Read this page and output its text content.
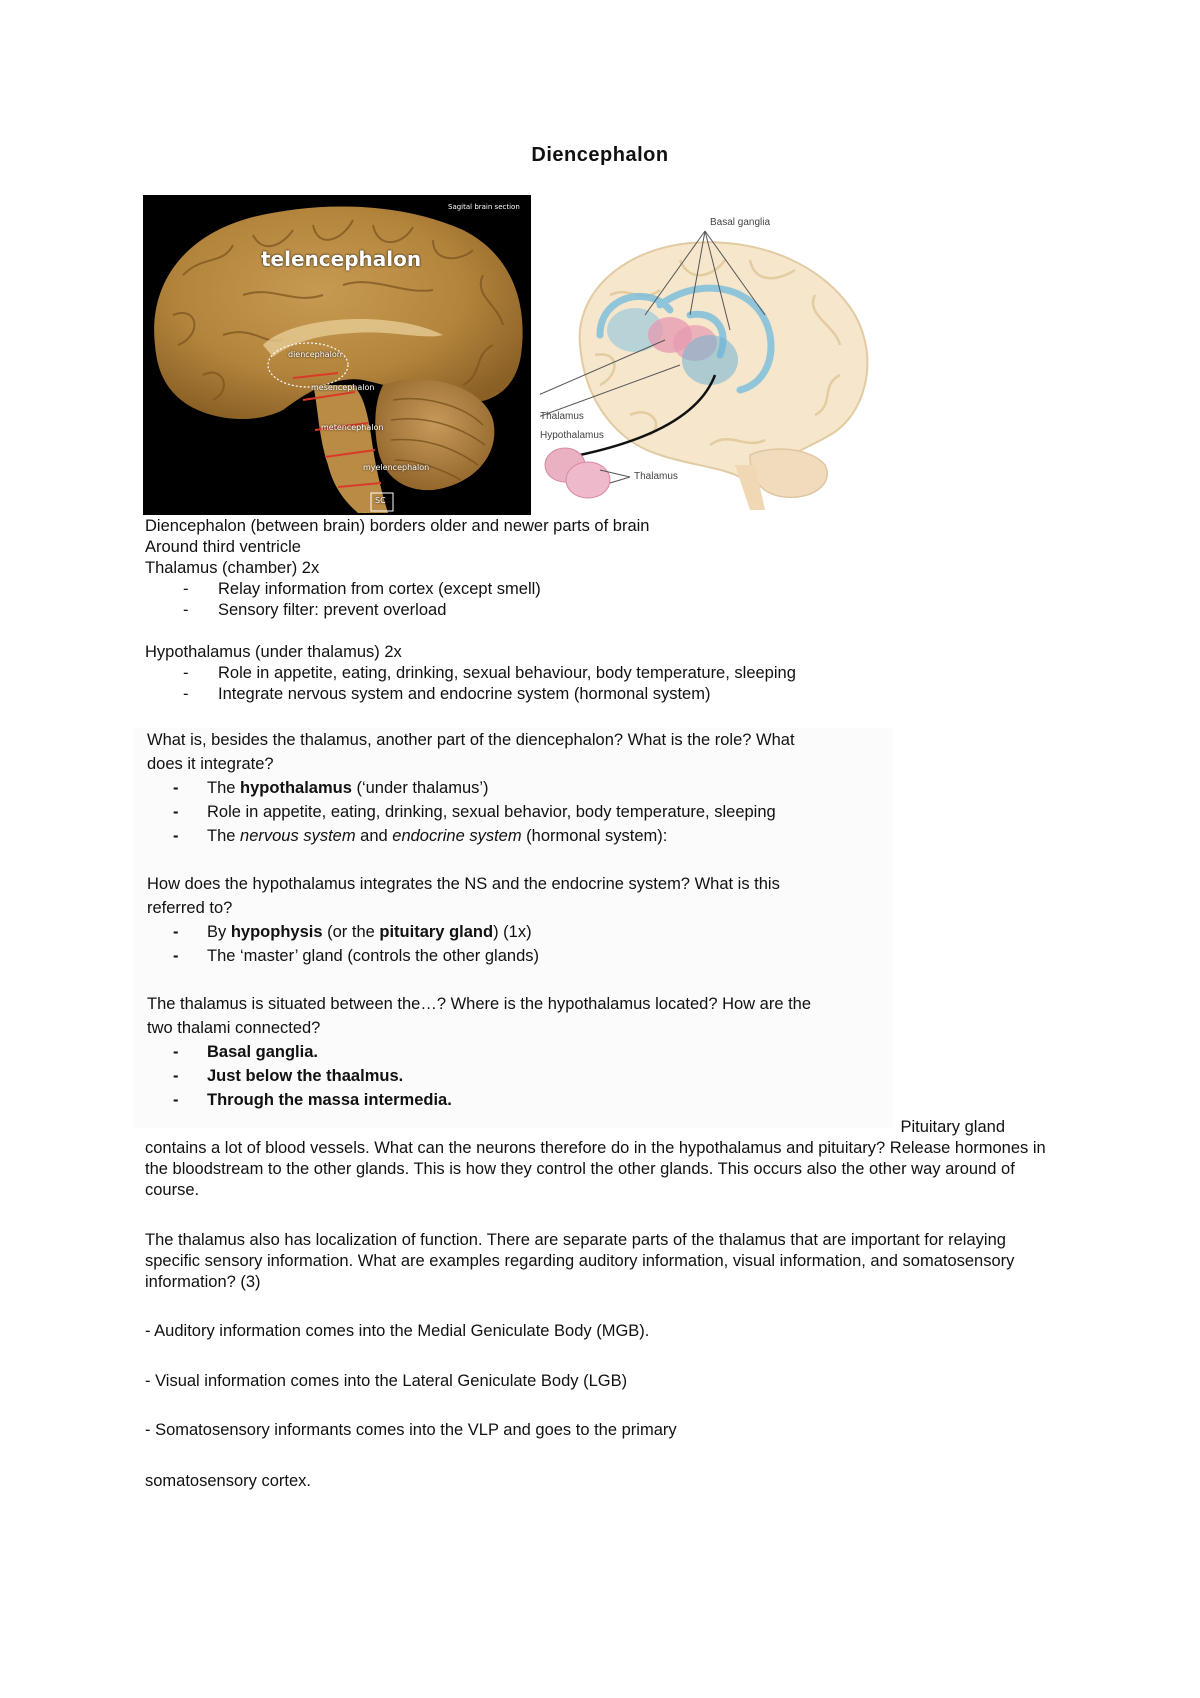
Diencephalon
Sagital brain section
telencephalon
diencephalon
mesencephalon
metencephalon
myelencephalon
SC
Basal ganglia
Thalamus
Hypothalamus
Thalamus

Diencephalon (between brain) borders older and newer parts of brain

Around third ventricle

Thalamus (chamber) 2x

- Relay information from cortex (except smell)
- Sensory filter: prevent overload

Hypothalamus (under thalamus) 2x

- Role in appetite, eating, drinking, sexual behaviour, body temperature, sleeping
- Integrate nervous system and endocrine system (hormonal system)
What is, besides the thalamus, another part of the diencephalon? What is the role? What
does it integrate?
- The hypothalamus (‘under thalamus’)
- Role in appetite, eating, drinking, sexual behavior, body temperature, sleeping
- The nervous system and endocrine system (hormonal system):
How does the hypothalamus integrates the NS and the endocrine system? What is this
referred to?
- By hypophysis (or the pituitary gland) (1x)
- The ‘master’ gland (controls the other glands)
The thalamus is situated between the…? Where is the hypothalamus located? How are the
two thalami connected?
- Basal ganglia.
- Just below the thaalmus.
- Through the massa intermedia.
Pituitary gland
contains a lot of blood vessels. What can the neurons therefore do in the hypothalamus and pituitary? Release hormones in the bloodstream to the other glands. This is how they control the other glands. This occurs also the other way around of course.
The thalamus also has localization of function. There are separate parts of the thalamus that are important for relaying specific sensory information. What are examples regarding auditory information, visual information, and somatosensory information? (3)
- Auditory information comes into the Medial Geniculate Body (MGB).
- Visual information comes into the Lateral Geniculate Body (LGB)
- Somatosensory informants comes into the VLP and goes to the primary
somatosensory cortex.
